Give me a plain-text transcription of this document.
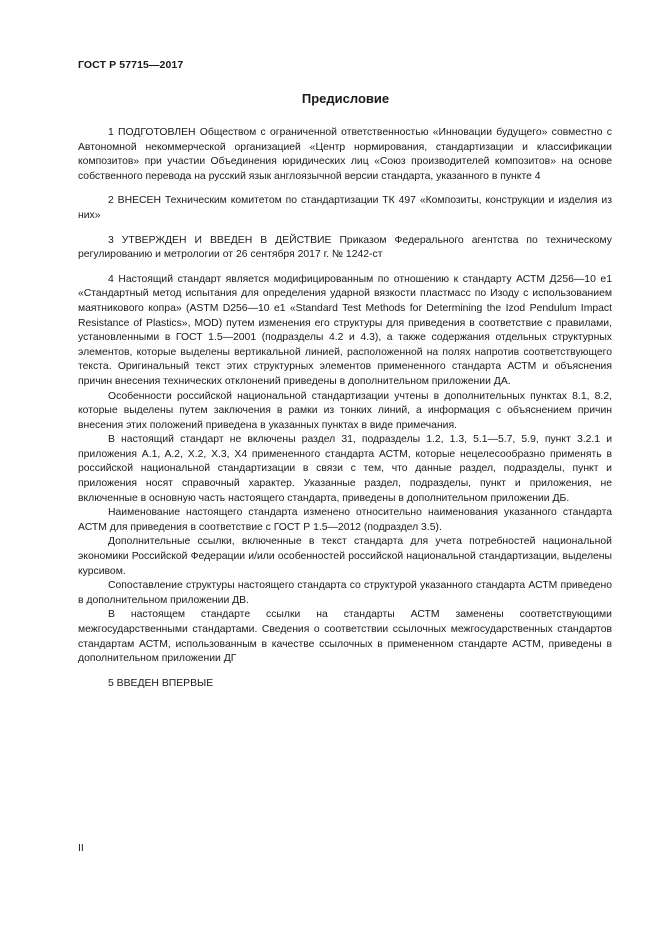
ГОСТ Р 57715—2017
Предисловие

1 ПОДГОТОВЛЕН Обществом с ограниченной ответственностью «Инновации будущего» совместно с Автономной некоммерческой организацией «Центр нормирования, стандартизации и классификации композитов» при участии Объединения юридических лиц «Союз производителей композитов» на основе собственного перевода на русский язык англоязычной версии стандарта, указанного в пункте 4

2 ВНЕСЕН Техническим комитетом по стандартизации ТК 497 «Композиты, конструкции и изделия из них»

3 УТВЕРЖДЕН И ВВЕДЕН В ДЕЙСТВИЕ Приказом Федерального агентства по техническому регулированию и метрологии от 26 сентября 2017 г. № 1242-ст

4 Настоящий стандарт является модифицированным по отношению к стандарту АСТМ Д256—10 e1 «Стандартный метод испытания для определения ударной вязкости пластмасс по Изоду с использованием маятникового копра» (ASTM D256—10 e1 «Standard Test Methods for Determining the Izod Pendulum Impact Resistance of Plastics», MOD) путем изменения его структуры для приведения в соответствие с правилами, установленными в ГОСТ 1.5—2001 (подразделы 4.2 и 4.3), а также содержания отдельных структурных элементов, которые выделены вертикальной линией, расположенной на полях напротив соответствующего текста. Оригинальный текст этих структурных элементов примененного стандарта АСТМ и объяснения причин внесения технических отклонений приведены в дополнительном приложении ДА.

Особенности российской национальной стандартизации учтены в дополнительных пунктах 8.1, 8.2, которые выделены путем заключения в рамки из тонких линий, а информация с объяснением причин внесения этих положений приведена в указанных пунктах в виде примечания.

В настоящий стандарт не включены раздел 31, подразделы 1.2, 1.3, 5.1—5.7, 5.9, пункт 3.2.1 и приложения A.1, A.2, X.2, X.3, X4 примененного стандарта АСТМ, которые нецелесообразно применять в российской национальной стандартизации в связи с тем, что данные раздел, подразделы, пункт и приложения носят справочный характер. Указанные раздел, подразделы, пункт и приложения, не включенные в основную часть настоящего стандарта, приведены в дополнительном приложении ДБ.

Наименование настоящего стандарта изменено относительно наименования указанного стандарта АСТМ для приведения в соответствие с ГОСТ Р 1.5—2012 (подраздел 3.5).

Дополнительные ссылки, включенные в текст стандарта для учета потребностей национальной экономики Российской Федерации и/или особенностей российской национальной стандартизации, выделены курсивом.

Сопоставление структуры настоящего стандарта со структурой указанного стандарта АСТМ приведено в дополнительном приложении ДВ.

В настоящем стандарте ссылки на стандарты АСТМ заменены соответствующими межгосударственными стандартами. Сведения о соответствии ссылочных межгосударственных стандартов стандартам АСТМ, использованным в качестве ссылочных в примененном стандарте АСТМ, приведены в дополнительном приложении ДГ

5 ВВЕДЕН ВПЕРВЫЕ

II
